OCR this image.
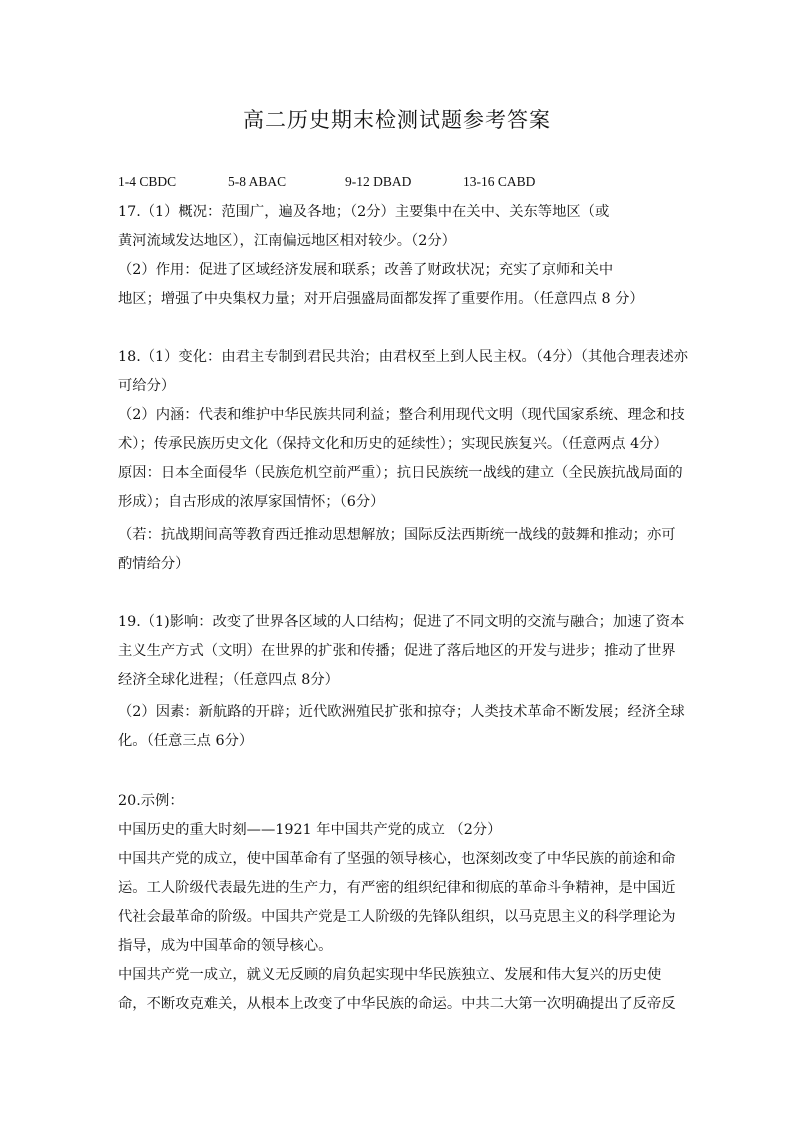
高二历史期末检测试题参考答案
1-4 CBDC	5-8 ABAC	9-12 DBAD	13-16 CABD
17.（1）概况：范围广，遍及各地；（2分）主要集中在关中、关东等地区（或
黄河流域发达地区），江南偏远地区相对较少。（2分）
（2）作用：促进了区域经济发展和联系；改善了财政状况；充实了京师和关中
地区；增强了中央集权力量；对开启强盛局面都发挥了重要作用。（任意四点 8 分）
18.（1）变化：由君主专制到君民共治；由君权至上到人民主权。（4分）（其他合理表述亦
可给分）
（2）内涵：代表和维护中华民族共同利益；整合利用现代文明（现代国家系统、理念和技
术）；传承民族历史文化（保持文化和历史的延续性）；实现民族复兴。（任意两点 4分）
原因：日本全面侵华（民族危机空前严重）；抗日民族统一战线的建立（全民族抗战局面的
形成）；自古形成的浓厚家国情怀；（6分）
（若：抗战期间高等教育西迁推动思想解放；国际反法西斯统一战线的鼓舞和推动；亦可
酌情给分）
19.（1)影响：改变了世界各区域的人口结构；促进了不同文明的交流与融合；加速了资本
主义生产方式（文明）在世界的扩张和传播；促进了落后地区的开发与进步；推动了世界
经济全球化进程；（任意四点 8分）
（2）因素：新航路的开辟；近代欧洲殖民扩张和掠夺；人类技术革命不断发展；经济全球
化。（任意三点 6分）
20.示例：
中国历史的重大时刻——1921 年中国共产党的成立 （2分）
中国共产党的成立，使中国革命有了坚强的领导核心，也深刻改变了中华民族的前途和命
运。工人阶级代表最先进的生产力，有严密的组织纪律和彻底的革命斗争精神，是中国近
代社会最革命的阶级。中国共产党是工人阶级的先锋队组织，以马克思主义的科学理论为
指导，成为中国革命的领导核心。
中国共产党一成立，就义无反顾的肩负起实现中华民族独立、发展和伟大复兴的历史使
命，不断攻克难关，从根本上改变了中华民族的命运。中共二大第一次明确提出了反帝反
